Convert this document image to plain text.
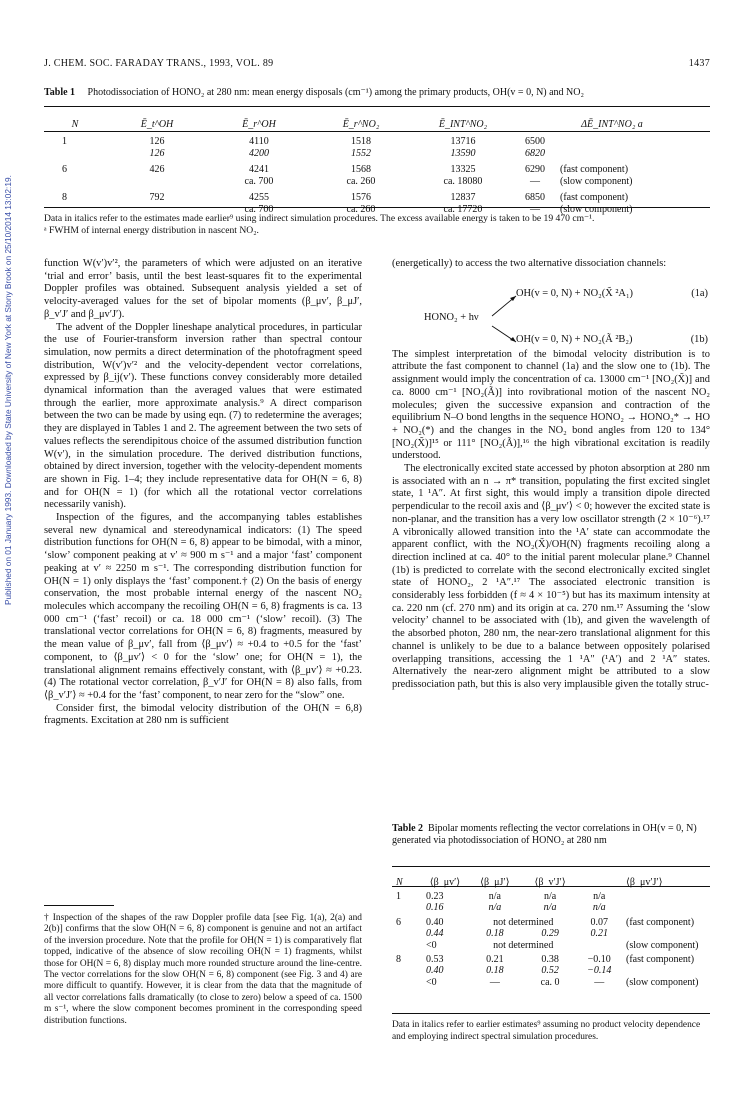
Published on 01 January 1993. Downloaded by State University of New York at Stony Brook on 25/10/2014 13:02:19.
J. CHEM. SOC. FARADAY TRANS., 1993, VOL. 89	1437
Table 1 Photodissociation of HONO₂ at 280 nm: mean energy disposals (cm⁻¹) among the primary products, OH(v = 0, N) and NO₂
N	Ē_t^OH	Ē_r^OH	Ē_r^NO₂	Ē_INT^NO₂	ΔĒ_INT^NO₂ a	
1	126	4110	1518	13716	6500	
	126	4200	1552	13590	6820	
6	426	4241	1568	13325	6290	(fast component)
		ca. 700	ca. 260	ca. 18080	—	(slow component)
8	792	4255	1576	12837	6850	(fast component)
		ca. 700	ca. 260	ca. 17720	—	(slow component)
Data in italics refer to the estimates made earlier⁹ using indirect simulation procedures. The excess available energy is taken to be 19 470 cm⁻¹.
ᵃ FWHM of internal energy distribution in nascent NO₂.

function W(v′)v′², the parameters of which were adjusted on an iterative ‘trial and error’ basis, until the best least-squares fit to the experimental Doppler profiles was obtained. Subsequent analysis yielded a set of velocity-averaged values for the set of bipolar moments (β_μv′, β_μJ′, β_v′J′ and β_μv′J′).

The advent of the Doppler lineshape analytical procedures, in particular the use of Fourier-transform inversion rather than spectral contour simulation, now permits a direct determination of the photofragment speed distribution, W(v′)v′² and the velocity-dependent vector correlations, expressed by β_ij(v′). These functions convey considerably more detailed dynamical information than the averaged values that were estimated through the earlier, more approximate analysis.⁹ A direct comparison between the two can be made by using eqn. (7) to redetermine the averages; they are displayed in Tables 1 and 2. The agreement between the two sets of values reflects the serendipitous choice of the assumed distribution function W(v′), in the simulation procedure. The derived distribution functions, obtained by direct inversion, together with the velocity-dependent moments are shown in Fig. 1–4; they include representative data for OH(N = 6, 8) and for OH(N = 1) (for which all the rotational vector correlations necessarily vanish).

Inspection of the figures, and the accompanying tables establishes several new dynamical and stereodynamical indicators: (1) The speed distribution functions for OH(N = 6, 8) appear to be bimodal, with a minor, ‘slow’ component peaking at v′ ≈ 900 m s⁻¹ and a major ‘fast’ component peaking at v′ ≈ 2250 m s⁻¹. The corresponding distribution function for OH(N = 1) only displays the ‘fast’ component.† (2) On the basis of energy conservation, the most probable internal energy of the nascent NO₂ molecules which accompany the recoiling OH(N = 6, 8) fragments is ca. 13 000 cm⁻¹ (‘fast’ recoil) or ca. 18 000 cm⁻¹ (‘slow’ recoil). (3) The translational vector correlations for OH(N = 6, 8) fragments, measured by the mean value of β_μv′, fall from ⟨β_μv′⟩ ≈ +0.4 to +0.5 for the ‘fast’ component, to ⟨β_μv′⟩ < 0 for the ‘slow’ one; for OH(N = 1), the translational alignment remains effectively constant, with ⟨β_μv′⟩ ≈ +0.23. (4) The rotational vector correlation, β_v′J′ for OH(N = 8) also falls, from ⟨β_v′J′⟩ ≈ +0.4 for the ‘fast’ component, to near zero for the “slow” one.

Consider first, the bimodal velocity distribution of the OH(N = 6,8) fragments. Excitation at 280 nm is sufficient

† Inspection of the shapes of the raw Doppler profile data [see Fig. 1(a), 2(a) and 2(b)] confirms that the slow OH(N = 6, 8) component is genuine and not an artifact of the inversion procedure. Note that the profile for OH(N = 1) is comparatively flat topped, indicative of the absence of slow recoiling OH(N = 1) fragments, whilst those for OH(N = 6, 8) display much more rounded structure around the line-centre. The vector correlations for the slow OH(N = 6, 8) component (see Fig. 3 and 4) are more difficult to quantify. However, it is clear from the data that the magnitude of all vector correlations falls dramatically (to close to zero) below a speed of ca. 1500 m s⁻¹, where the slow component becomes prominent in the corresponding speed distribution functions.

(energetically) to access the two alternative dissociation channels:

The simplest interpretation of the bimodal velocity distribution is to attribute the fast component to channel (1a) and the slow one to (1b). The assignment would imply the concentration of ca. 13000 cm⁻¹ [NO₂(X̃)] and ca. 8000 cm⁻¹ [NO₂(Ã)] into rovibrational motion of the nascent NO₂ molecules; given the successive expansion and contraction of the equilibrium N–O bond lengths in the sequence HONO₂ → HONO₂* → HO + NO₂(*) and the changes in the NO₂ bond angles from 120 to 134° [NO₂(X̃)]¹⁵ or 111° [NO₂(Ã)],¹⁶ the high vibrational excitation is readily understood.

The electronically excited state accessed by photon absorption at 280 nm is associated with an n → π* transition, populating the first excited singlet state, 1 ¹A″. At first sight, this would imply a transition dipole directed perpendicular to the recoil axis and ⟨β_μv′⟩ < 0; however the excited state is non-planar, and the transition has a very low oscillator strength (2 × 10⁻⁶).¹⁷ A vibronically allowed transition into the ¹A′ state can accommodate the apparent conflict, with the NO₂(X̃)/OH(N) fragments recoiling along a direction inclined at ca. 40° to the initial parent molecular plane.⁹ Channel (1b) is predicted to correlate with the second electronically excited singlet state of HONO₂, 2 ¹A″.¹⁷ The associated electronic transition is considerably less forbidden (f ≈ 4 × 10⁻⁵) but has its maximum intensity at ca. 220 nm (cf. 270 nm) and its origin at ca. 270 nm.¹⁷ Assuming the ‘slow velocity’ channel to be associated with (1b), and given the wavelength of the absorbed photon, 280 nm, the near-zero translational alignment for this channel is unlikely to be due to a balance between oppositely polarised overlapping transitions, accessing the 1 ¹A″ (¹A′) and 2 ¹A″ states. Alternatively the near-zero alignment might be attributed to a slow predissociation path, but this is also very implausible given the totally struc-

HONO₂ + hν
OH(v = 0, N) + NO₂(X̃ ²A₁)	(1a)
OH(v = 0, N) + NO₂(Ã ²B₂)	(1b)
Table 2 Bipolar moments reflecting the vector correlations in OH(v = 0, N) generated via photodissociation of HONO₂ at 280 nm
N	⟨β_μv′⟩	⟨β_μJ′⟩	⟨β_v′J′⟩	⟨β_μv′J′⟩	
1	0.23	n/a	n/a	n/a	
	0.16	n/a	n/a	n/a	
6	0.40	not determined		0.07	(fast component)
	0.44	0.18	0.29	0.21	
	<0	not determined			(slow component)
8	0.53	0.21	0.38	−0.10	(fast component)
	0.40	0.18	0.52	−0.14	
	<0	—	ca. 0	—	(slow component)
Data in italics refer to earlier estimates⁹ assuming no product velocity dependence and employing indirect spectral simulation procedures.
